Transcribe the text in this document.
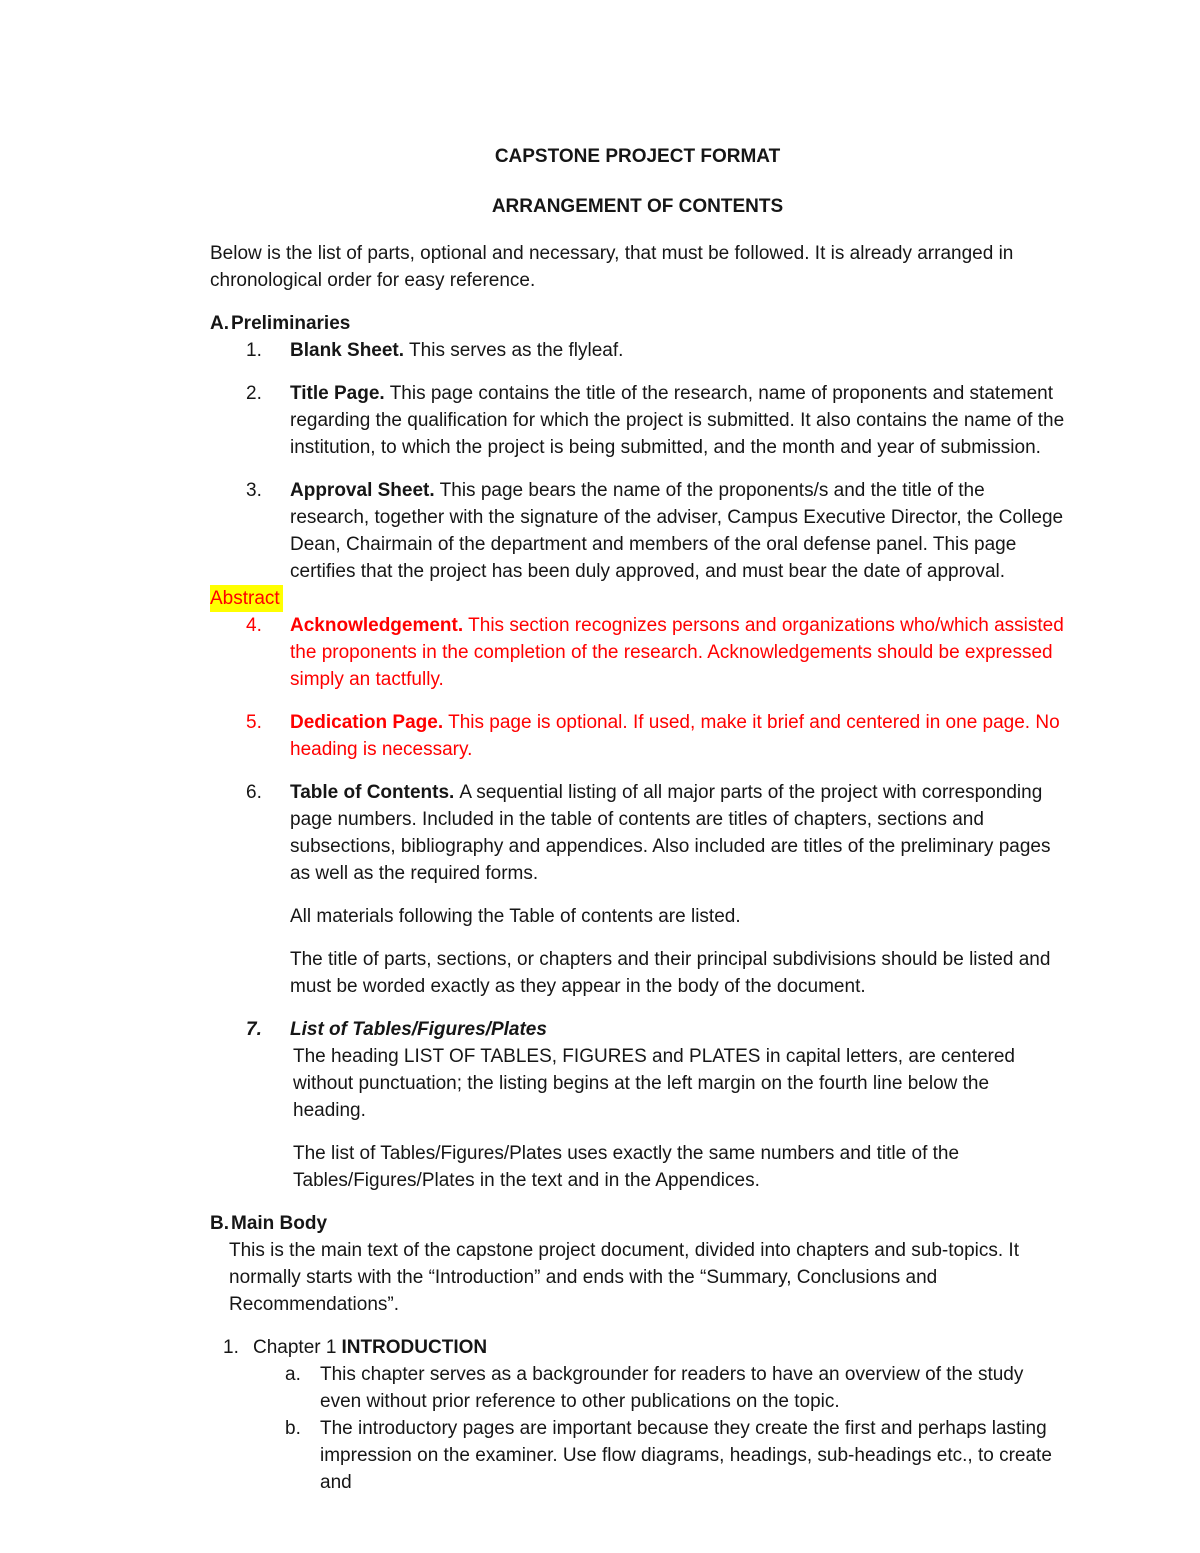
CAPSTONE PROJECT FORMAT
ARRANGEMENT OF CONTENTS

Below is the list of parts, optional and necessary, that must be followed. It is already arranged in chronological order for easy reference.

A. Preliminaries
1.	Blank Sheet. This serves as the flyleaf.
2.	Title Page. This page contains the title of the research, name of proponents and statement regarding the qualification for which the project is submitted. It also contains the name of the institution, to which the project is being submitted, and the month and year of submission.
3.	Approval Sheet. This page bears the name of the proponents/s and the title of the research, together with the signature of the adviser, Campus Executive Director, the College Dean, Chairmain of the department and members of the oral defense panel. This page certifies that the project has been duly approved, and must bear the date of approval.
Abstract
4.	Acknowledgement. This section recognizes persons and organizations who/which assisted the proponents in the completion of the research. Acknowledgements should be expressed simply an tactfully.
5.	Dedication Page. This page is optional. If used, make it brief and centered in one page. No heading is necessary.
6.	Table of Contents. A sequential listing of all major parts of the project with corresponding page numbers. Included in the table of contents are titles of chapters, sections and subsections, bibliography and appendices. Also included are titles of the preliminary pages as well as the required forms.

All materials following the Table of contents are listed.

The title of parts, sections, or chapters and their principal subdivisions should be listed and must be worded exactly as they appear in the body of the document.

7.	List of Tables/Figures/Plates

The heading LIST OF TABLES, FIGURES and PLATES in capital letters, are centered without punctuation; the listing begins at the left margin on the fourth line below the heading.

The list of Tables/Figures/Plates uses exactly the same numbers and title of the Tables/Figures/Plates in the text and in the Appendices.

B. Main Body

This is the main text of the capstone project document, divided into chapters and sub-topics. It normally starts with the “Introduction” and ends with the “Summary, Conclusions and Recommendations”.

1. Chapter 1 INTRODUCTION
a.	This chapter serves as a backgrounder for readers to have an overview of the study even without prior reference to other publications on the topic.
b.	The introductory pages are important because they create the first and perhaps lasting impression on the examiner. Use flow diagrams, headings, sub-headings etc., to create and
